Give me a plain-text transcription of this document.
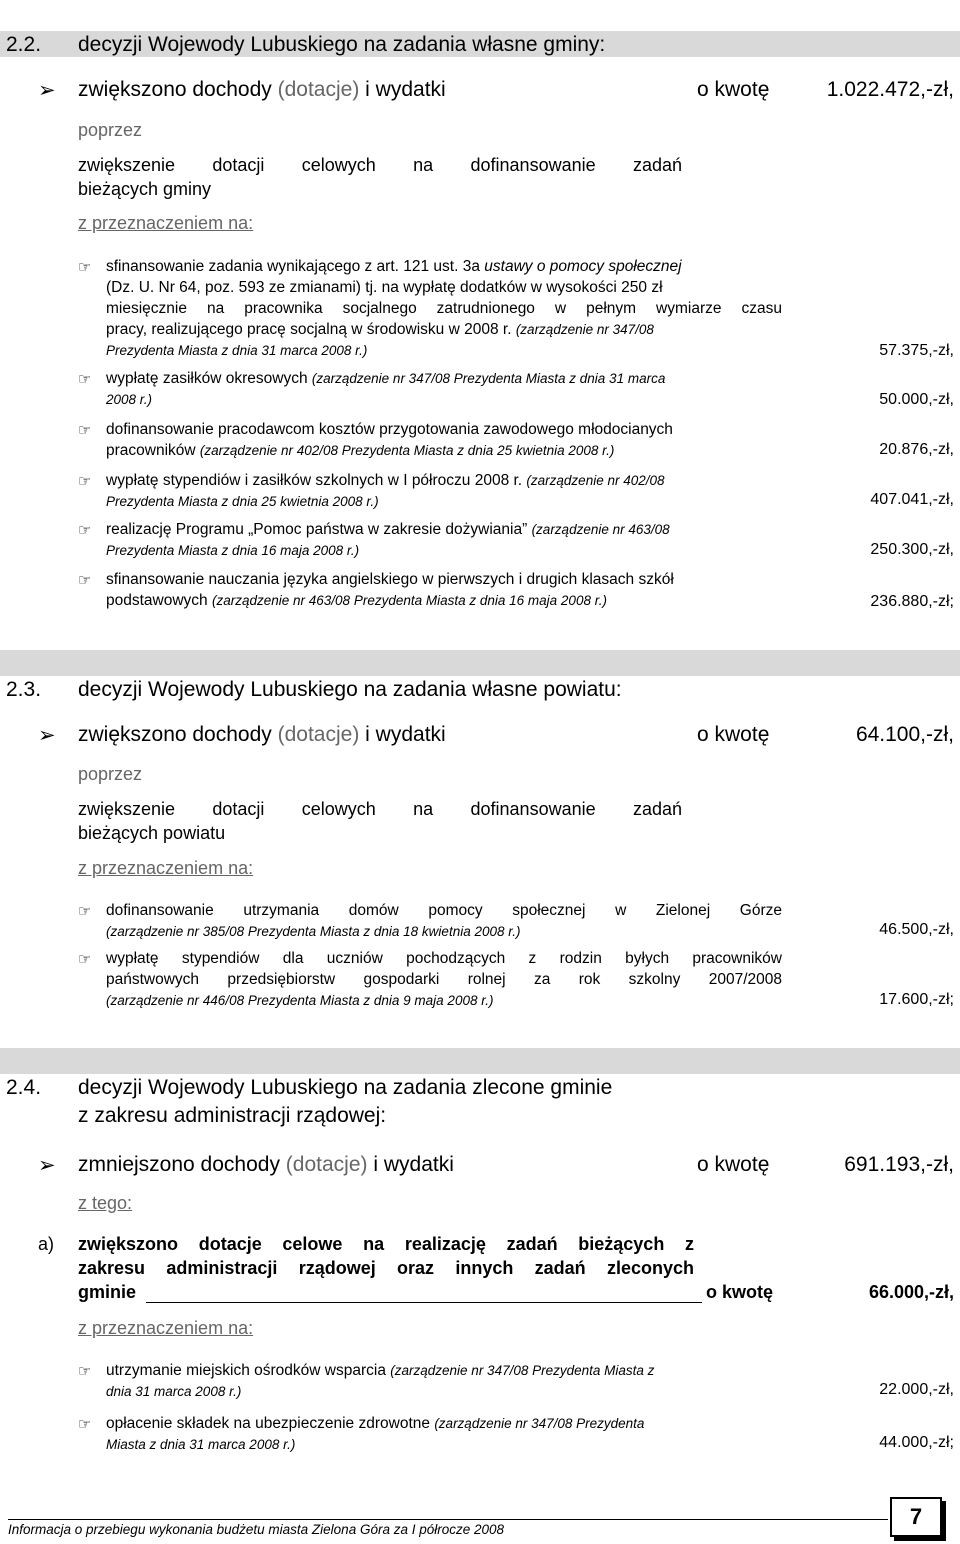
2.2. decyzji Wojewody Lubuskiego na zadania własne gminy:
➢ zwiększono dochody (dotacje) i wydatki	o kwotę	1.022.472,-zł,
poprzez
zwiększenie dotacji celowych na dofinansowanie zadań
bieżących gminy
z przeznaczeniem na:
☞ sfinansowanie zadania wynikającego z art. 121 ust. 3a ustawy o pomocy społecznej
(Dz. U. Nr 64, poz. 593 ze zmianami) tj. na wypłatę dodatków w wysokości 250 zł
miesięcznie na pracownika socjalnego zatrudnionego w pełnym wymiarze czasu
pracy, realizującego pracę socjalną w środowisku w 2008 r. (zarządzenie nr 347/08
Prezydenta Miasta z dnia 31 marca 2008 r.)	57.375,-zł,
☞ wypłatę zasiłków okresowych (zarządzenie nr 347/08 Prezydenta Miasta z dnia 31 marca
2008 r.)	50.000,-zł,
☞ dofinansowanie pracodawcom kosztów przygotowania zawodowego młodocianych
pracowników (zarządzenie nr 402/08 Prezydenta Miasta z dnia 25 kwietnia 2008 r.)	20.876,-zł,
☞ wypłatę stypendiów i zasiłków szkolnych w I półroczu 2008 r. (zarządzenie nr 402/08
Prezydenta Miasta z dnia 25 kwietnia 2008 r.)	407.041,-zł,
☞ realizację Programu „Pomoc państwa w zakresie dożywiania” (zarządzenie nr 463/08
Prezydenta Miasta z dnia 16 maja 2008 r.)	250.300,-zł,
☞ sfinansowanie nauczania języka angielskiego w pierwszych i drugich klasach szkół
podstawowych (zarządzenie nr 463/08 Prezydenta Miasta z dnia 16 maja 2008 r.)	236.880,-zł;
2.3. decyzji Wojewody Lubuskiego na zadania własne powiatu:
➢ zwiększono dochody (dotacje) i wydatki	o kwotę	64.100,-zł,
poprzez
zwiększenie dotacji celowych na dofinansowanie zadań
bieżących powiatu
z przeznaczeniem na:
☞ dofinansowanie utrzymania domów pomocy społecznej w Zielonej Górze
(zarządzenie nr 385/08 Prezydenta Miasta z dnia 18 kwietnia 2008 r.)	46.500,-zł,
☞ wypłatę stypendiów dla uczniów pochodzących z rodzin byłych pracowników
państwowych przedsiębiorstw gospodarki rolnej za rok szkolny 2007/2008
(zarządzenie nr 446/08 Prezydenta Miasta z dnia 9 maja 2008 r.)	17.600,-zł;
2.4. decyzji Wojewody Lubuskiego na zadania zlecone gminie
z zakresu administracji rządowej:
➢ zmniejszono dochody (dotacje) i wydatki	o kwotę	691.193,-zł,
z tego:
a) zwiększono dotacje celowe na realizację zadań bieżących z
zakresu administracji rządowej oraz innych zadań zleconych
gminie	o kwotę	66.000,-zł,
z przeznaczeniem na:
☞ utrzymanie miejskich ośrodków wsparcia (zarządzenie nr 347/08 Prezydenta Miasta z
dnia 31 marca 2008 r.)	22.000,-zł,
☞ opłacenie składek na ubezpieczenie zdrowotne (zarządzenie nr 347/08 Prezydenta
Miasta z dnia 31 marca 2008 r.)	44.000,-zł;
Informacja o przebiegu wykonania budżetu miasta Zielona Góra za I półrocze 2008
7
